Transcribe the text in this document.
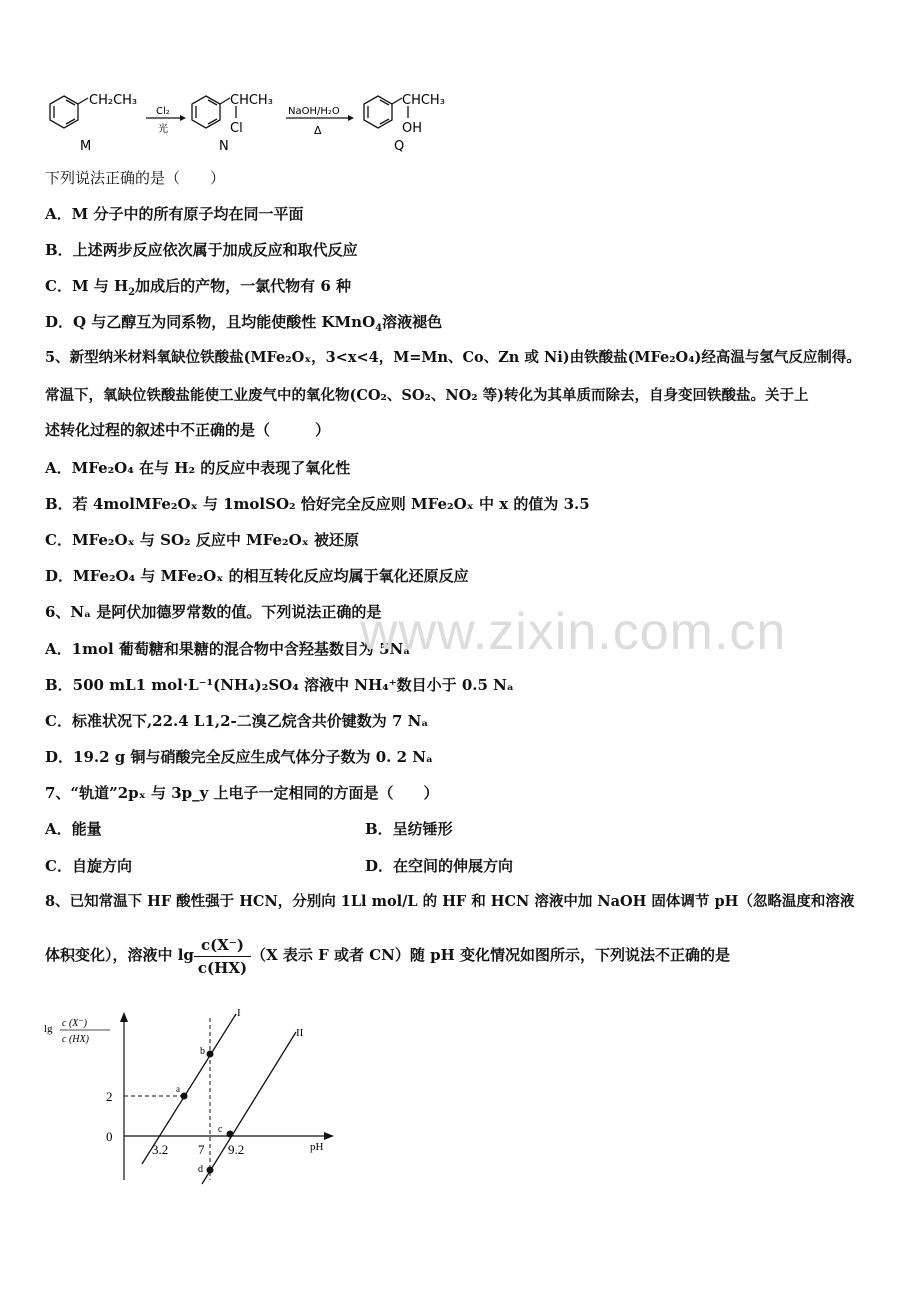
CH₂CH₃
M
Cl₂
光
CHCH₃
Cl
N
NaOH/H₂O
Δ
CHCH₃
OH
Q
下列说法正确的是（　　）
A．M 分子中的所有原子均在同一平面
B．上述两步反应依次属于加成反应和取代反应
C．M 与 $H_2$加成后的产物，一氯代物有 6 种
D．Q 与乙醇互为同系物，且均能使酸性 KMnO$_4$溶液褪色
5、新型纳米材料氧缺位铁酸盐(MFe₂Oₓ，3<x<4，M=Mn、Co、Zn 或 Ni)由铁酸盐(MFe₂O₄)经高温与氢气反应制得。
常温下，氧缺位铁酸盐能使工业废气中的氧化物(CO₂、SO₂、NO₂ 等)转化为其单质而除去，自身变回铁酸盐。关于上
述转化过程的叙述中不正确的是（　　　）
A．MFe₂O₄ 在与 H₂ 的反应中表现了氧化性
B．若 4molMFe₂Oₓ 与 1molSO₂ 恰好完全反应则 MFe₂Oₓ 中 x 的值为 3.5
C．MFe₂Oₓ 与 SO₂ 反应中 MFe₂Oₓ 被还原
D．MFe₂O₄ 与 MFe₂Oₓ 的相互转化反应均属于氧化还原反应
6、Nₐ 是阿伏加德罗常数的值。下列说法正确的是
A．1mol 葡萄糖和果糖的混合物中含羟基数目为 5Nₐ
B．500 mL1 mol·L⁻¹(NH₄)₂SO₄ 溶液中 NH₄⁺数目小于 0.5 Nₐ
C．标准状况下,22.4 L1,2-二溴乙烷含共价键数为 7 Nₐ
D．19.2 g 铜与硝酸完全反应生成气体分子数为 0. 2 Nₐ
7、“轨道”2pₓ 与 3p_y 上电子一定相同的方面是（　　）
A．能量	B．呈纺锤形
C．自旋方向	D．在空间的伸展方向
8、已知常温下 HF 酸性强于 HCN，分别向 1Ll mol/L 的 HF 和 HCN 溶液中加 NaOH 固体调节 pH（忽略温度和溶液
体积变化），溶液中 $\lg \frac{c(X^-)}{c(HX)} (X$ 表示 F 或者 CN）随 pH 变化情况如图所示，下列说法不正确的是
lg c (X⁻)
c (HX)
pH
2
0
I
II
3.2 7 9.2
a
b
c
d
www.zixin.com.cn
